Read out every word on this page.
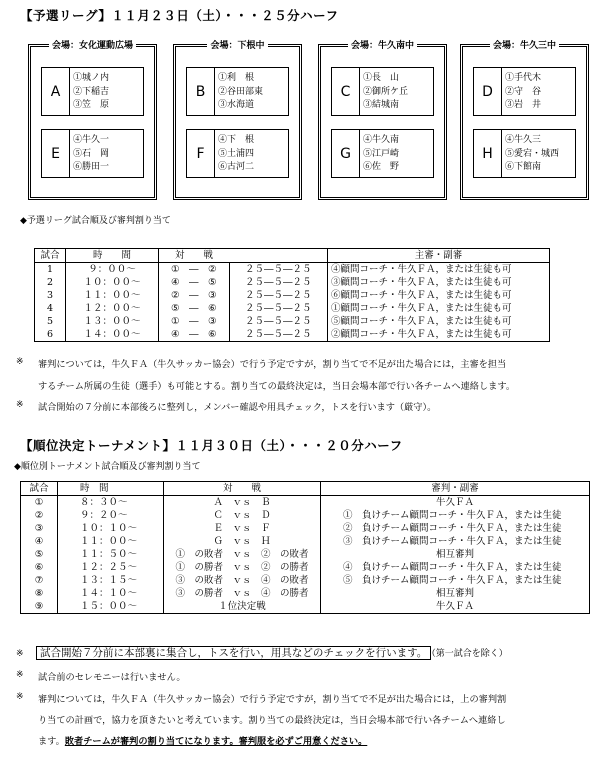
【予選リーグ】１１月２３日（土）・・・２５分ハーフ
会場：女化運動広場
A
①城ノ内
②下稲吉
③笠　原
E
④牛久一
⑤石　岡
⑥勝田一
会場：下根中
B
①利　根
②谷田部東
③水海道
F
④下　根
⑤土浦四
⑥古河二
会場：牛久南中
C
①長　山
②御所ケ丘
③結城南
G
④牛久南
⑤江戸崎
⑥佐　野
会場：牛久三中
D
①手代木
②守　谷
③岩　井
H
④牛久三
⑤愛宕・城西
⑥下館南
◆予選リーグ試合順及び審判割り当て
試合	時　　間	対　　戦		主審・副審
1	９：００～	①　―　②	２５―５―２５	④顧問コーチ・牛久ＦＡ，または生徒も可
2	１０：００～	④　―　⑤	２５―５―２５	③顧問コーチ・牛久ＦＡ，または生徒も可
3	１１：００～	②　―　③	２５―５―２５	⑥顧問コーチ・牛久ＦＡ，または生徒も可
4	１２：００～	⑤　―　⑥	２５―５―２５	①顧問コーチ・牛久ＦＡ，または生徒も可
5	１３：００～	①　―　③	２５―５―２５	⑤顧問コーチ・牛久ＦＡ，または生徒も可
6	１４：００～	④　―　⑥	２５―５―２５	②顧問コーチ・牛久ＦＡ，または生徒も可
※ 審判については，牛久ＦＡ（牛久サッカー協会）で行う予定ですが，割り当てで不足が出た場合には，主審を担当
するチーム所属の生徒（選手）も可能とする。割り当ての最終決定は，当日会場本部で行い各チームへ連絡します。
※ 試合開始の７分前に本部後ろに整列し，メンバー確認や用具チェック，トスを行います（厳守）。
【順位決定トーナメント】１１月３０日（土）・・・２０分ハーフ
◆順位別トーナメント試合順及び審判割り当て
試合	時　間	対　　戦	審判・副審
①	８：３０～	Ａ　ｖｓ　Ｂ	牛久ＦＡ
②	９：２０～	Ｃ　ｖｓ　Ｄ	①　負けチーム顧問コーチ・牛久ＦＡ，または生徒
③	１０：１０～	Ｅ　ｖｓ　Ｆ	②　負けチーム顧問コーチ・牛久ＦＡ，または生徒
④	１１：００～	Ｇ　ｖｓ　Ｈ	③　負けチーム顧問コーチ・牛久ＦＡ，または生徒
⑤	１１：５０～	①　の敗者　ｖｓ　②　の敗者	相互審判
⑥	１２：２５～	①　の勝者　ｖｓ　②　の勝者	④　負けチーム顧問コーチ・牛久ＦＡ，または生徒
⑦	１３：１５～	③　の敗者　ｖｓ　④　の敗者	⑤　負けチーム顧問コーチ・牛久ＦＡ，または生徒
⑧	１４：１０～	③　の勝者　ｖｓ　④　の勝者	相互審判
⑨	１５：００～	１位決定戦	牛久ＦＡ
※	試合開始７分前に本部裏に集合し，トスを行い，用具などのチェックを行います。 （第一試合を除く）
※ 試合前のセレモニーは行いません。
※ 審判については，牛久ＦＡ（牛久サッカー協会）で行う予定ですが，割り当てで不足が出た場合には，上の審判割
り当ての計画で，協力を頂きたいと考えています。割り当ての最終決定は，当日会場本部で行い各チームへ連絡し
ます。敗者チームが審判の割り当てになります。審判服を必ずご用意ください。
